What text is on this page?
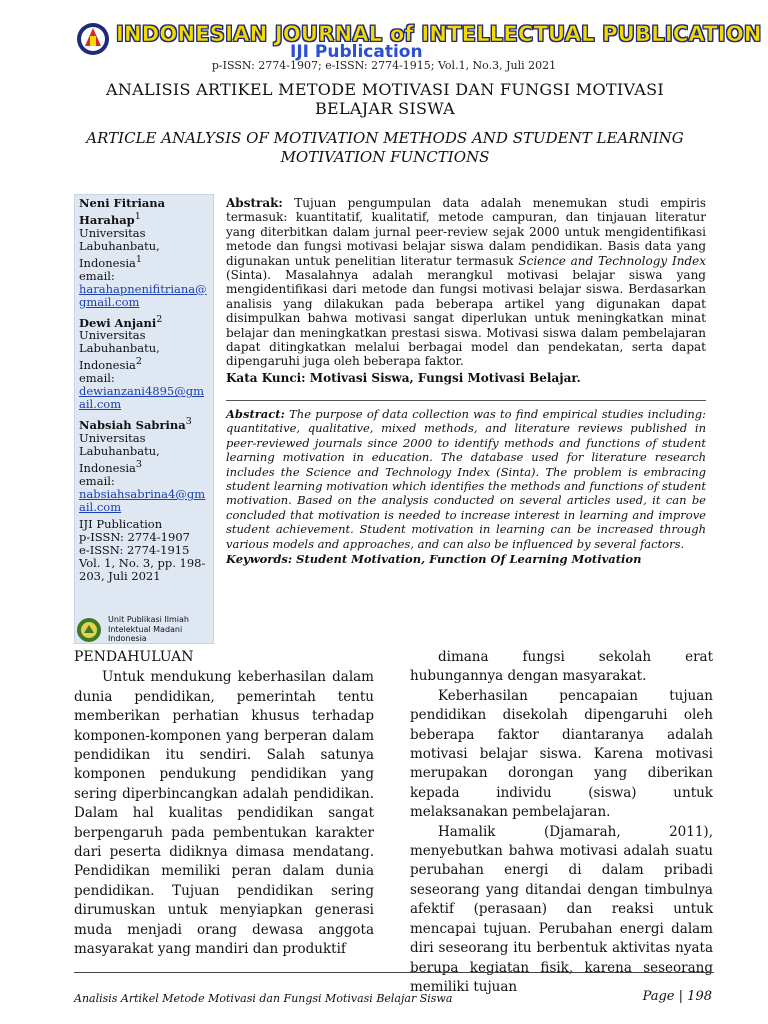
INDONESIAN JOURNAL of INTELLECTUAL PUBLICATION
IJI Publication
p-ISSN: 2774-1907; e-ISSN: 2774-1915; Vol.1, No.3, Juli 2021
ANALISIS ARTIKEL METODE MOTIVASI DAN FUNGSI MOTIVASI BELAJAR SISWA
ARTICLE ANALYSIS OF MOTIVATION METHODS AND STUDENT LEARNING MOTIVATION FUNCTIONS
Neni Fitriana Harahap$^1$
Universitas Labuhanbatu, Indonesia$^1$
email:
harahapnenifitriana@gmail.com
Dewi Anjani$^2$
Universitas Labuhanbatu, Indonesia$^2$
email:
dewianzani4895@gmail.com
Nabsiah Sabrina$^3$
Universitas Labuhanbatu, Indonesia$^3$
email:
nabsiahsabrina4@gmail.com
IJI Publication
p-ISSN: 2774-1907
e-ISSN: 2774-1915
Vol. 1, No. 3, pp. 198-203, Juli 2021
Unit Publikasi Ilmiah
Intelektual Madani
Indonesia

Abstrak: Tujuan pengumpulan data adalah menemukan studi empiris termasuk: kuantitatif, kualitatif, metode campuran, dan tinjauan literatur yang diterbitkan dalam jurnal peer-review sejak 2000 untuk mengidentifikasi metode dan fungsi motivasi belajar siswa dalam pendidikan. Basis data yang digunakan untuk penelitian literatur termasuk Science and Technology Index (Sinta). Masalahnya adalah merangkul motivasi belajar siswa yang mengidentifikasi dari metode dan fungsi motivasi belajar siswa. Berdasarkan analisis yang dilakukan pada beberapa artikel yang digunakan dapat disimpulkan bahwa motivasi sangat diperlukan untuk meningkatkan minat belajar dan meningkatkan prestasi siswa. Motivasi siswa dalam pembelajaran dapat ditingkatkan melalui berbagai model dan pendekatan, serta dapat dipengaruhi juga oleh beberapa faktor.

Kata Kunci: Motivasi Siswa, Fungsi Motivasi Belajar.

Abstract: The purpose of data collection was to find empirical studies including: quantitative, qualitative, mixed methods, and literature reviews published in peer-reviewed journals since 2000 to identify methods and functions of student learning motivation in education. The database used for literature research includes the Science and Technology Index (Sinta). The problem is embracing student learning motivation which identifies the methods and functions of student motivation. Based on the analysis conducted on several articles used, it can be concluded that motivation is needed to increase interest in learning and improve student achievement. Student motivation in learning can be increased through various models and approaches, and can also be influenced by several factors.

Keywords: Student Motivation, Function Of Learning Motivation

PENDAHULUAN

Untuk mendukung keberhasilan dalam dunia pendidikan, pemerintah tentu memberikan perhatian khusus terhadap komponen-komponen yang berperan dalam pendidikan itu sendiri. Salah satunya komponen pendukung pendidikan yang sering diperbincangkan adalah pendidikan. Dalam hal kualitas pendidikan sangat berpengaruh pada pembentukan karakter dari peserta didiknya dimasa mendatang. Pendidikan memiliki peran dalam dunia pendidikan. Tujuan pendidikan sering dirumuskan untuk menyiapkan generasi muda menjadi orang dewasa anggota masyarakat yang mandiri dan produktif

dimana fungsi sekolah erat hubungannya dengan masyarakat.

Keberhasilan pencapaian tujuan pendidikan disekolah dipengaruhi oleh beberapa faktor diantaranya adalah motivasi belajar siswa. Karena motivasi merupakan dorongan yang diberikan kepada individu (siswa) untuk melaksanakan pembelajaran.

Hamalik (Djamarah, 2011), menyebutkan bahwa motivasi adalah suatu perubahan energi di dalam pribadi seseorang yang ditandai dengan timbulnya afektif (perasaan) dan reaksi untuk mencapai tujuan. Perubahan energi dalam diri seseorang itu berbentuk aktivitas nyata berupa kegiatan fisik, karena seseorang memiliki tujuan

Analisis Artikel Metode Motivasi dan Fungsi Motivasi Belajar Siswa	Page | 198
